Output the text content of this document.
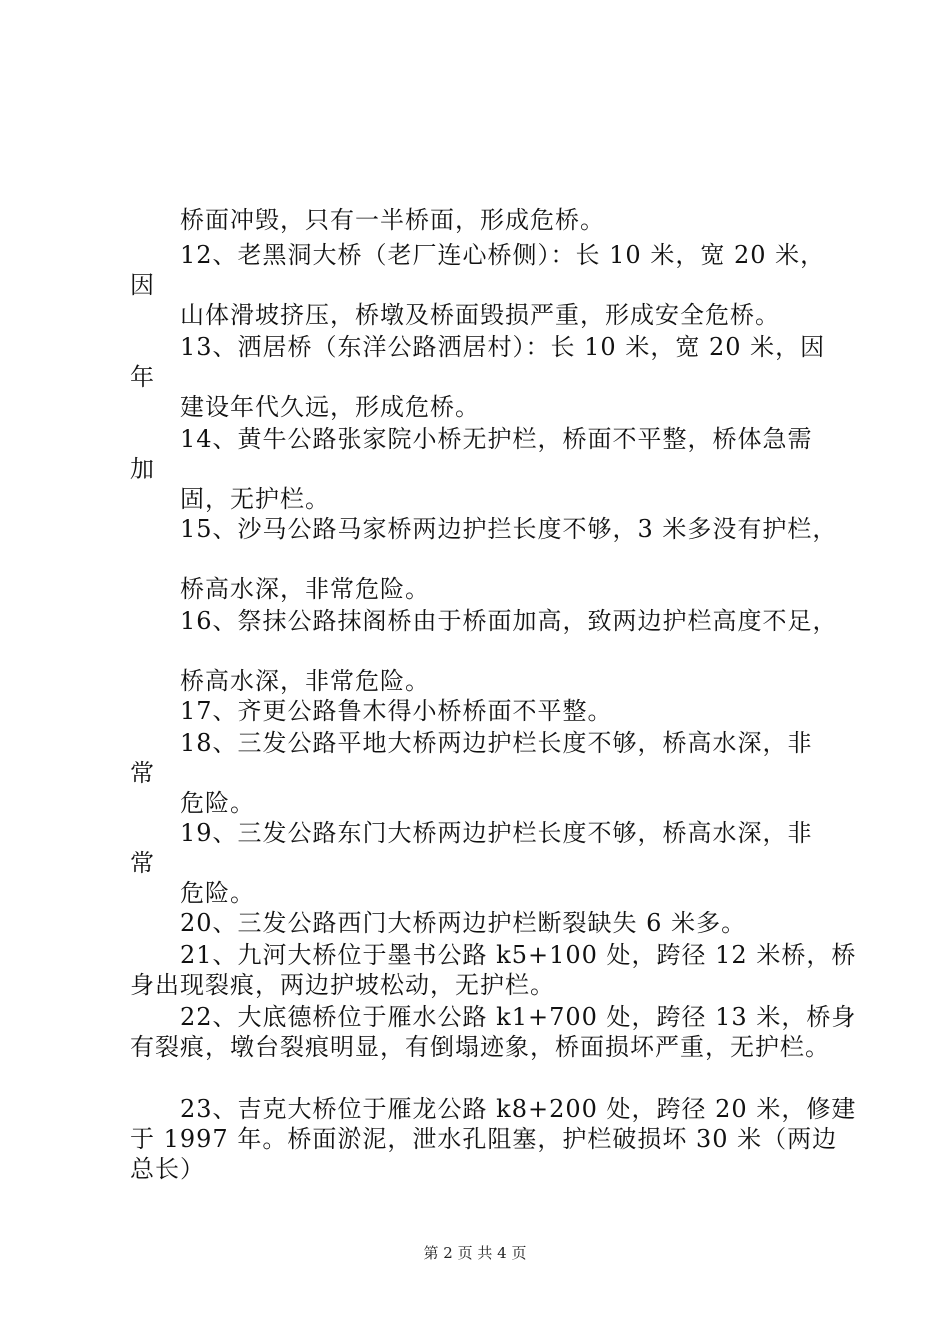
桥面冲毁，只有一半桥面，形成危桥。
12、老黑洞大桥（老厂连心桥侧）：长 10 米，宽 20 米，
因
山体滑坡挤压，桥墩及桥面毁损严重，形成安全危桥。
13、洒居桥（东洋公路洒居村）：长 10 米，宽 20 米，因
年
建设年代久远，形成危桥。
14、黄牛公路张家院小桥无护栏，桥面不平整，桥体急需
加
固，无护栏。
15、沙马公路马家桥两边护拦长度不够，3 米多没有护栏，
桥高水深，非常危险。
16、祭抹公路抹阁桥由于桥面加高，致两边护栏高度不足，
桥高水深，非常危险。
17、齐更公路鲁木得小桥桥面不平整。
18、三发公路平地大桥两边护栏长度不够，桥高水深，非
常
危险。
19、三发公路东门大桥两边护栏长度不够，桥高水深，非
常
危险。
20、三发公路西门大桥两边护栏断裂缺失 6 米多。
21、九河大桥位于墨书公路 k5+100 处，跨径 12 米桥，桥
身出现裂痕，两边护坡松动，无护栏。
22、大底德桥位于雁水公路 k1+700 处，跨径 13 米，桥身
有裂痕，墩台裂痕明显，有倒塌迹象，桥面损坏严重，无护栏。
23、吉克大桥位于雁龙公路 k8+200 处，跨径 20 米，修建
于 1997 年。桥面淤泥，泄水孔阻塞，护栏破损坏 30 米（两边
总长）
第 2 页 共 4 页
